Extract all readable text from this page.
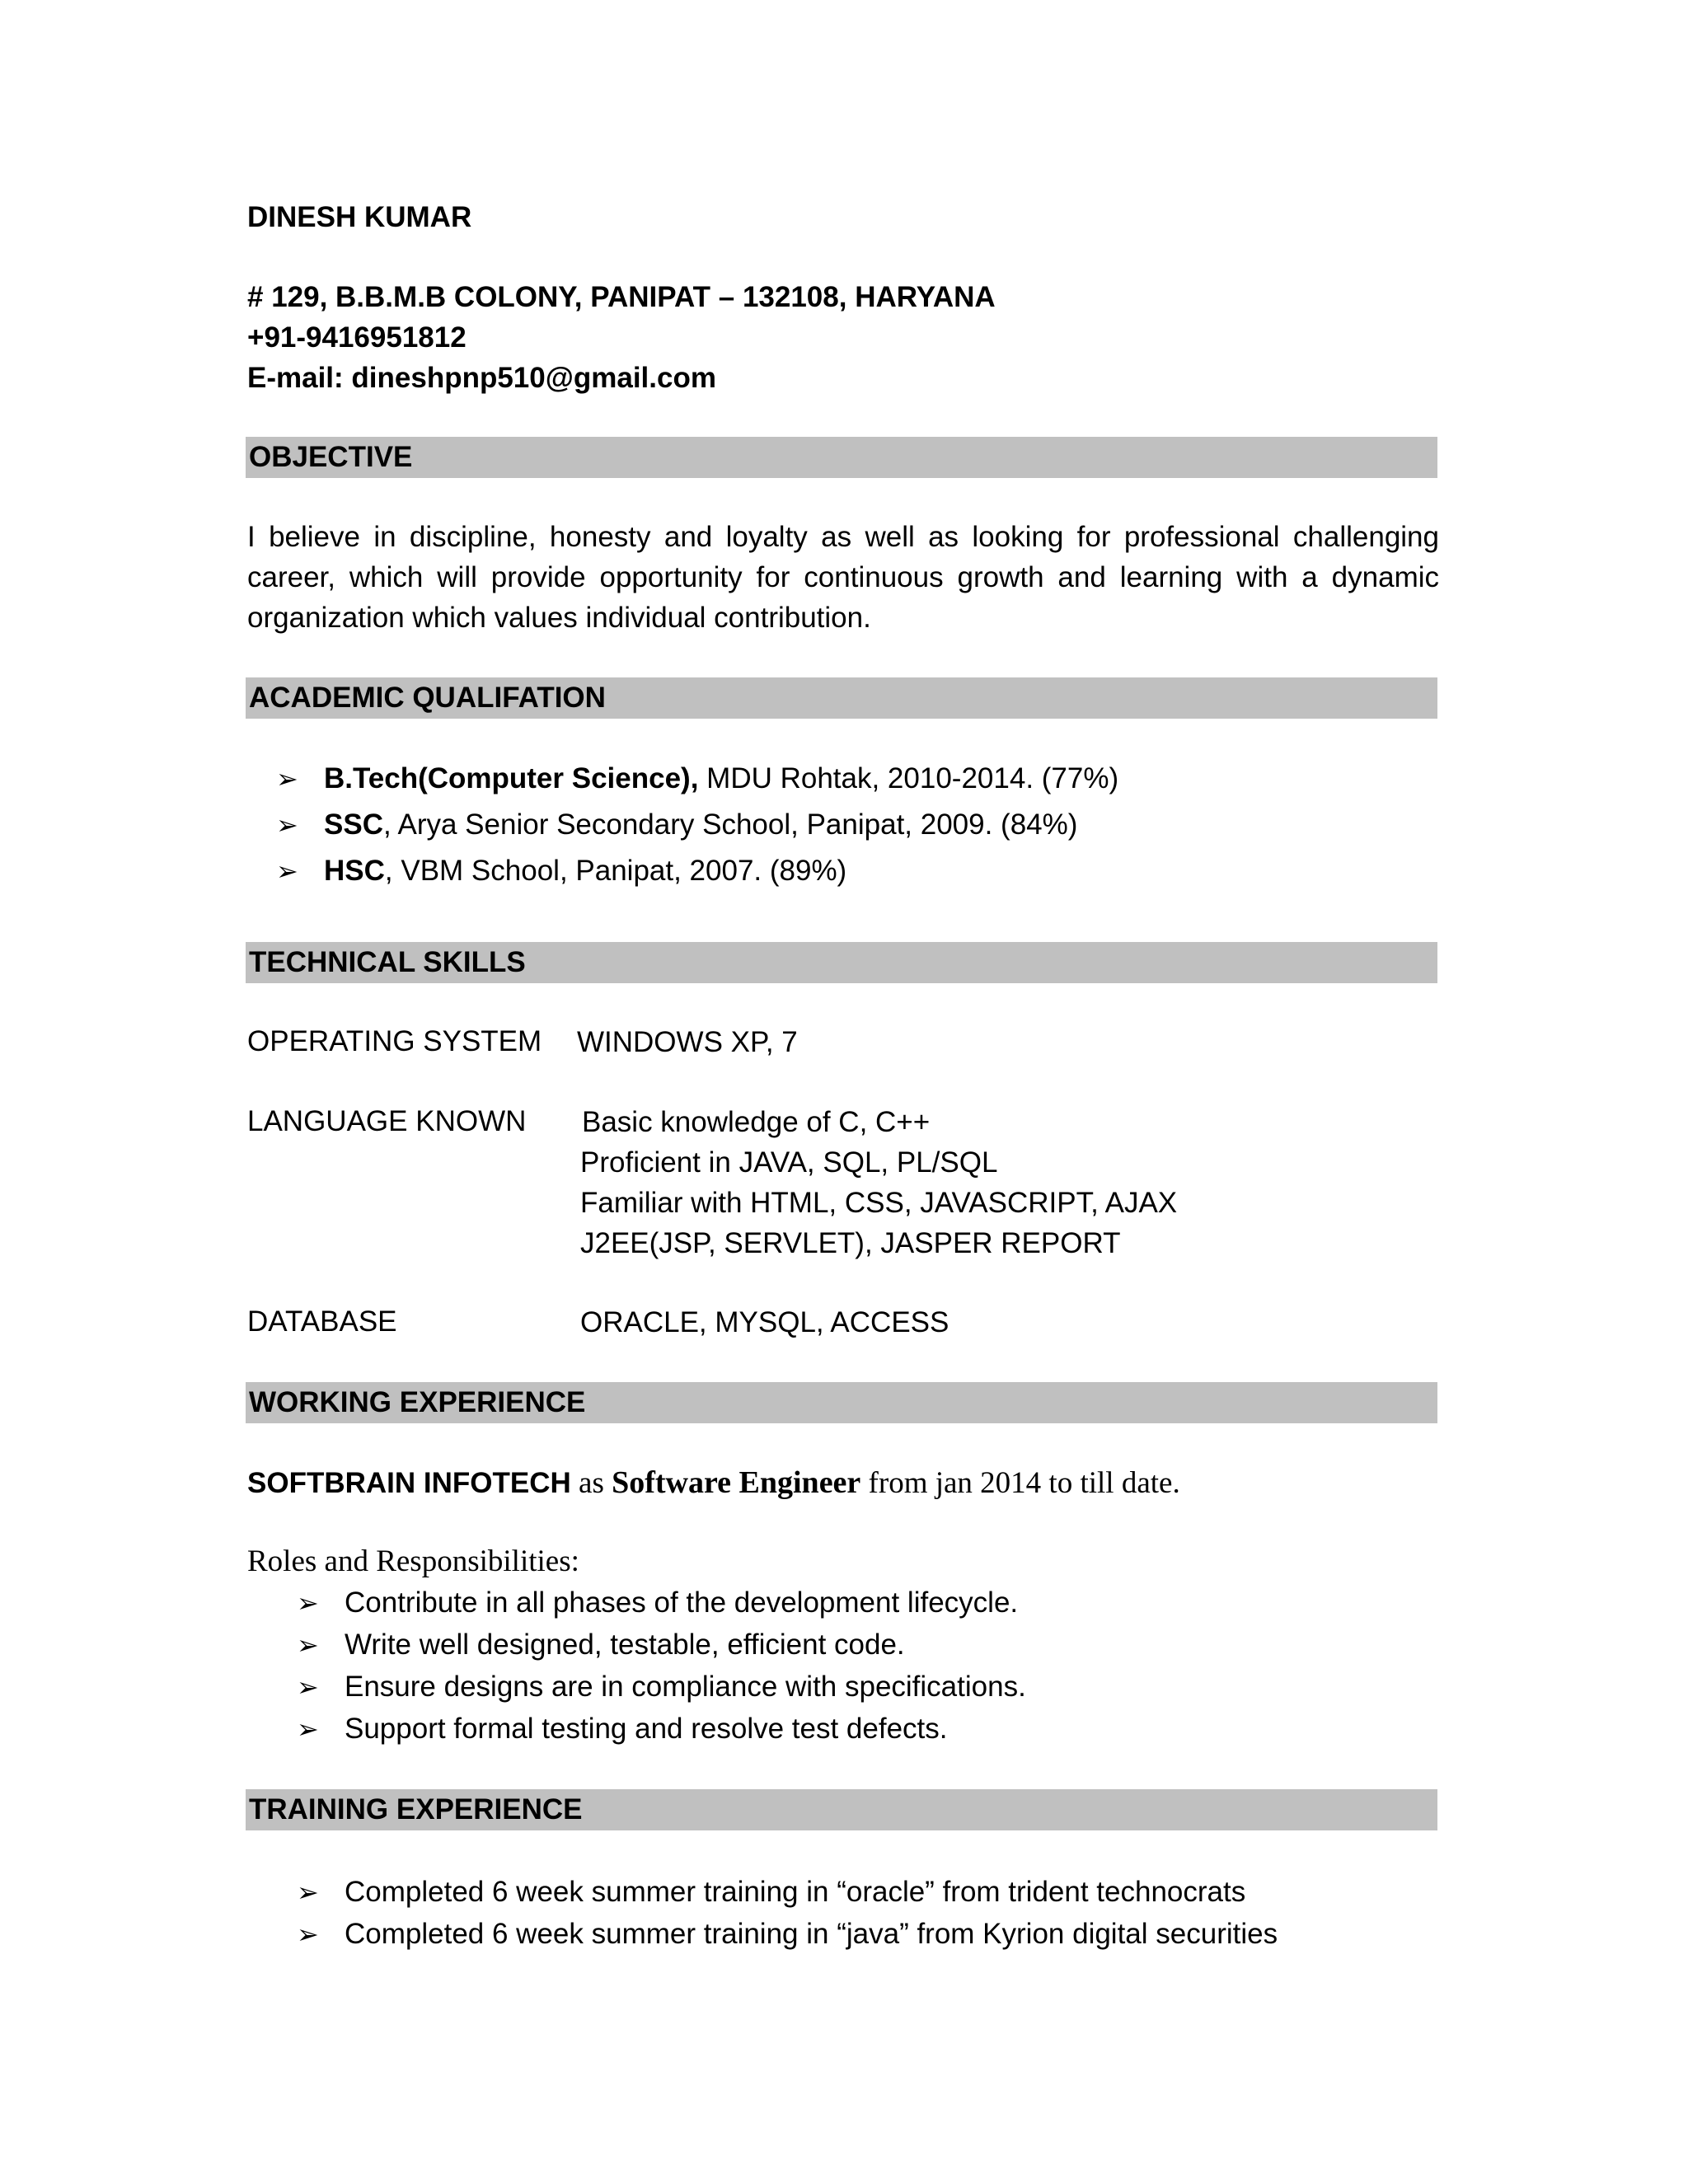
DINESH KUMAR
# 129, B.B.M.B COLONY, PANIPAT – 132108, HARYANA
+91-9416951812
E-mail: dineshpnp510@gmail.com
OBJECTIVE
I believe in discipline, honesty and loyalty as well as looking for professional challenging career, which will provide opportunity for continuous growth and learning with a dynamic organization which values individual contribution.
ACADEMIC QUALIFATION
➢ B.Tech(Computer Science), MDU Rohtak, 2010-2014. (77%)
➢ SSC, Arya Senior Secondary School, Panipat, 2009. (84%)
➢ HSC, VBM School, Panipat, 2007. (89%)
TECHNICAL SKILLS
OPERATING SYSTEM WINDOWS XP, 7
LANGUAGE KNOWN Basic knowledge of C, C++
Proficient in JAVA, SQL, PL/SQL
Familiar with HTML, CSS, JAVASCRIPT, AJAX
J2EE(JSP, SERVLET), JASPER REPORT
DATABASE	ORACLE, MYSQL, ACCESS
WORKING EXPERIENCE
SOFTBRAIN INFOTECH as Software Engineer from jan 2014 to till date.
Roles and Responsibilities:
➢ Contribute in all phases of the development lifecycle.
➢ Write well designed, testable, efficient code.
➢ Ensure designs are in compliance with specifications.
➢ Support formal testing and resolve test defects.
TRAINING EXPERIENCE
➢ Completed 6 week summer training in “oracle” from trident technocrats
➢ Completed 6 week summer training in “java” from Kyrion digital securities
